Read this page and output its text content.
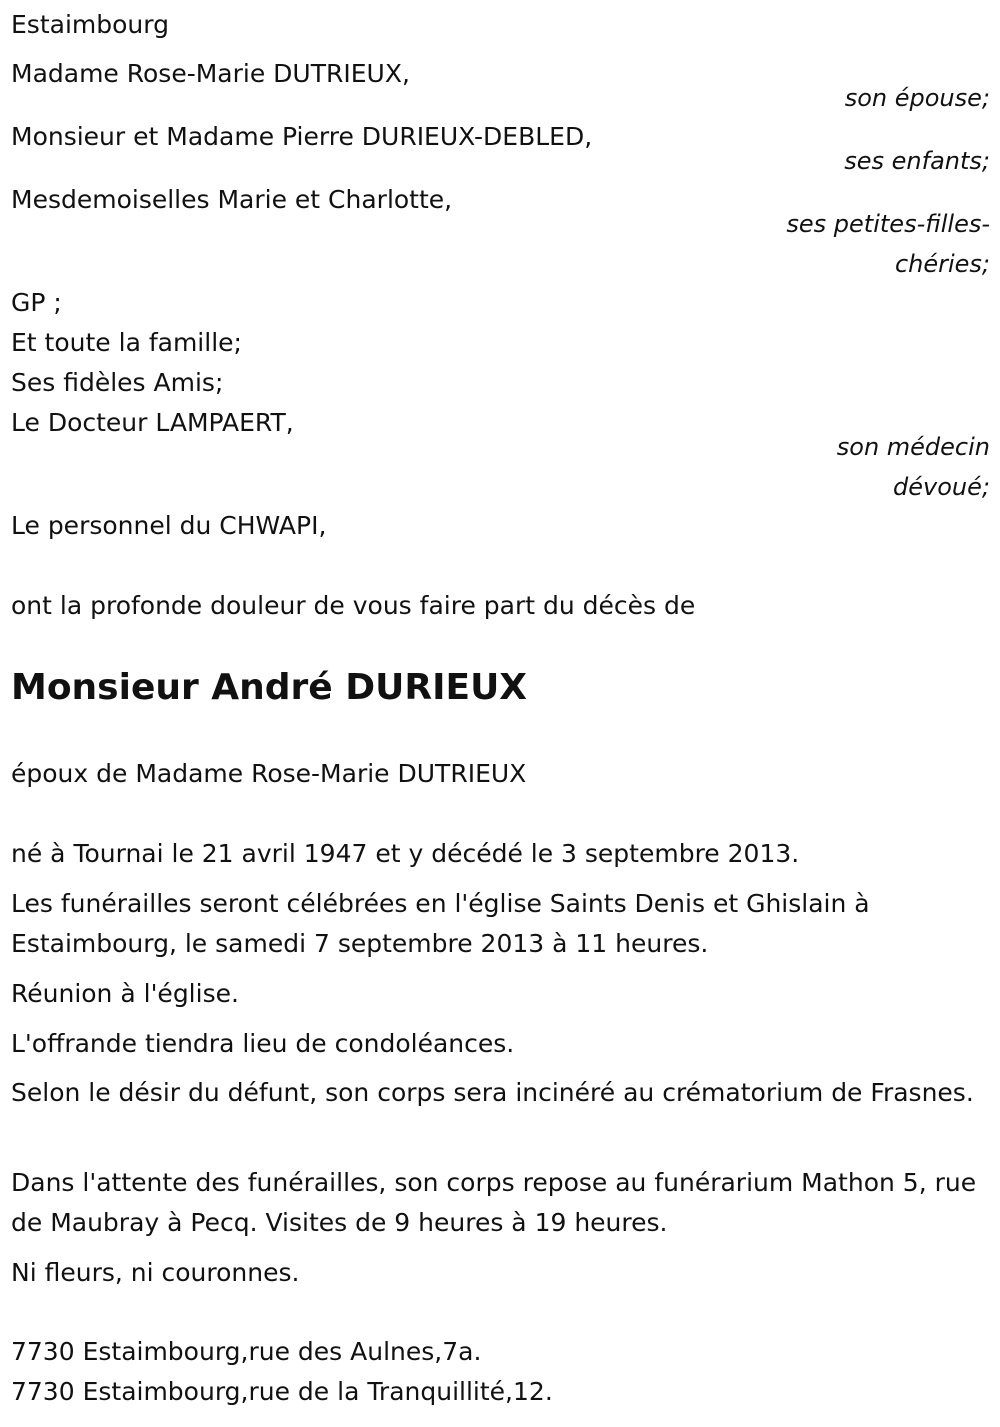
Estaimbourg
Madame Rose-Marie DUTRIEUX,
son épouse;
Monsieur et Madame Pierre DURIEUX-DEBLED,
ses enfants;
Mesdemoiselles Marie et Charlotte,
ses petites-filles-
chéries;
GP ;
Et toute la famille;
Ses fidèles Amis;
Le Docteur LAMPAERT,
son médecin
dévoué;
Le personnel du CHWAPI,
ont la profonde douleur de vous faire part du décès de
Monsieur André DURIEUX
époux de Madame Rose-Marie DUTRIEUX
né à Tournai le 21 avril 1947 et y décédé le 3 septembre 2013.
Les funérailles seront célébrées en l'église Saints Denis et Ghislain à Estaimbourg, le samedi 7 septembre 2013 à 11 heures.
Réunion à l'église.
L'offrande tiendra lieu de condoléances.
Selon le désir du défunt, son corps sera incinéré au crématorium de Frasnes.
Dans l'attente des funérailles, son corps repose au funérarium Mathon 5, rue de Maubray à Pecq. Visites de 9 heures à 19 heures.
Ni fleurs, ni couronnes.
7730 Estaimbourg,rue des Aulnes,7a.
7730 Estaimbourg,rue de la Tranquillité,12.
